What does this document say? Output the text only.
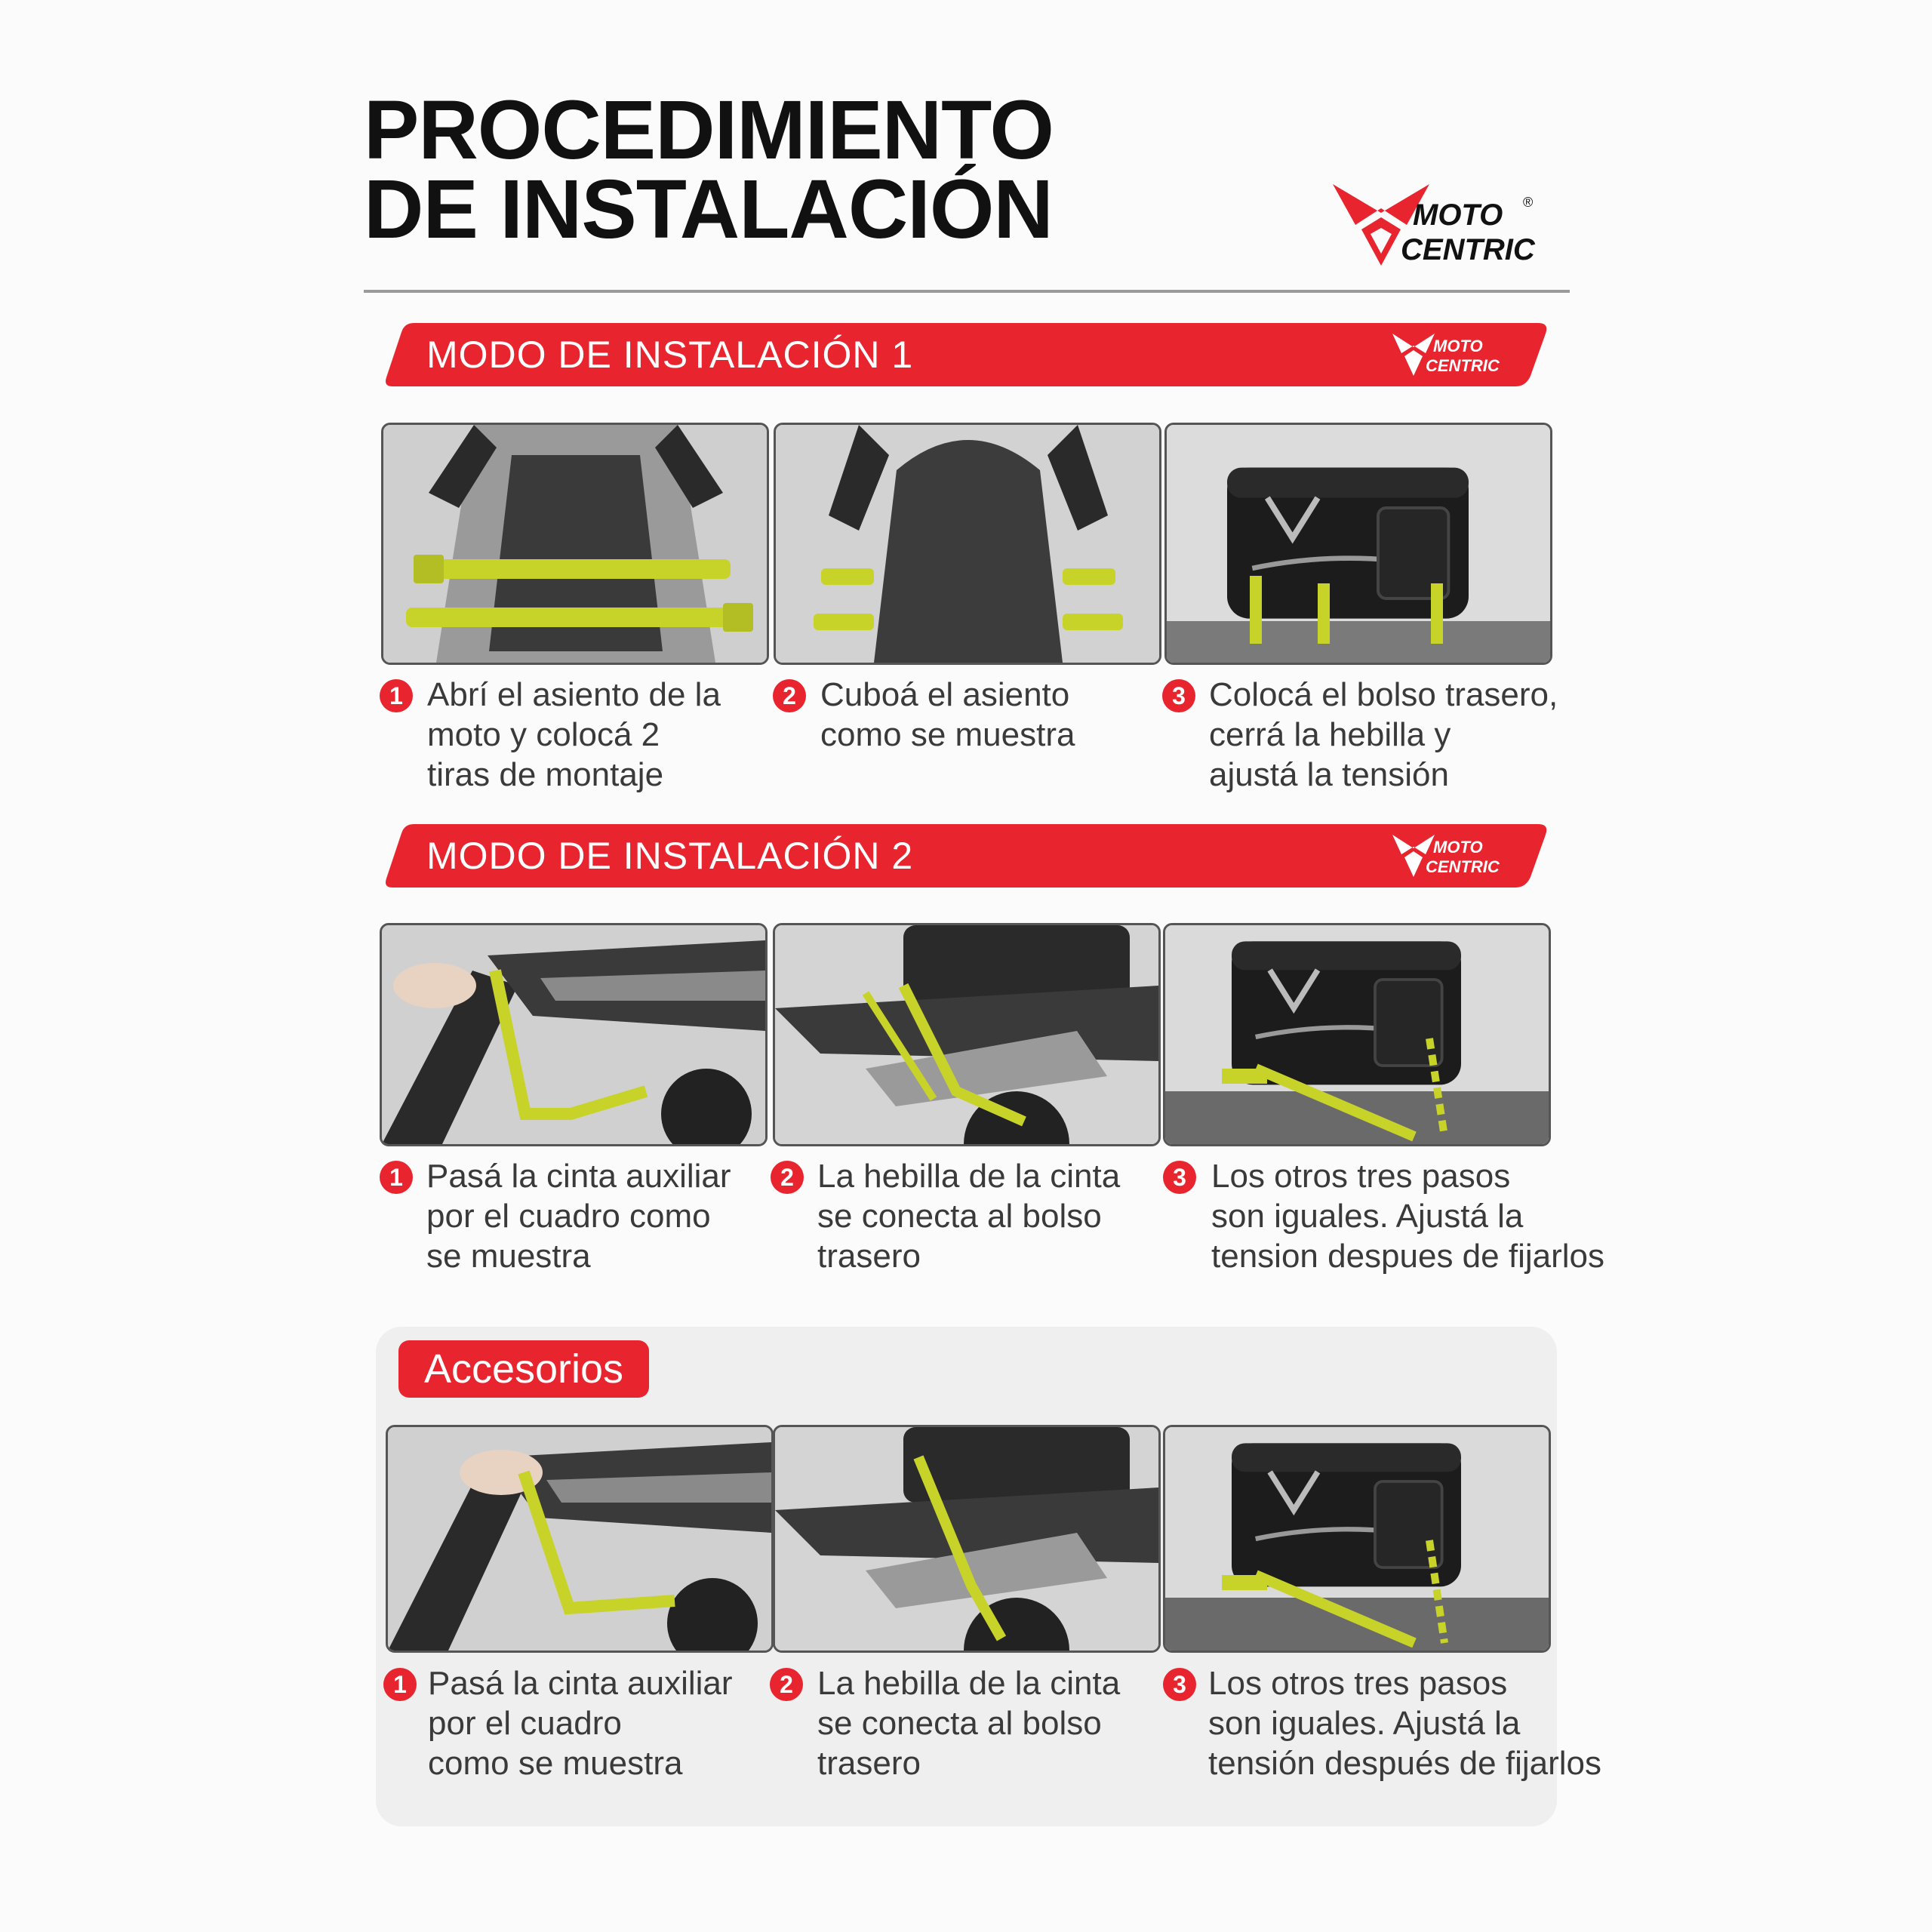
PROCEDIMIENTO
DE INSTALACIÓN	MOTO ®
CENTRIC
MODO DE INSTALACIÓN 1	MOTO
CENTRIC
1 Abrí el asiento de la
moto y colocá 2
tiras de montaje

2 Cuboá el asiento
como se muestra

3 Colocá el bolso trasero,
cerrá la hebilla y
ajustá la tensión

MODO DE INSTALACIÓN 2	MOTO
CENTRIC
1 Pasá la cinta auxiliar
por el cuadro como
se muestra

2 La hebilla de la cinta
se conecta al bolso
trasero

3 Los otros tres pasos
son iguales. Ajustá la
tension despues de fijarlos

Accesorios
1 Pasá la cinta auxiliar
por el cuadro
como se muestra

2 La hebilla de la cinta
se conecta al bolso
trasero

3 Los otros tres pasos
son iguales. Ajustá la
tensión después de fijarlos
